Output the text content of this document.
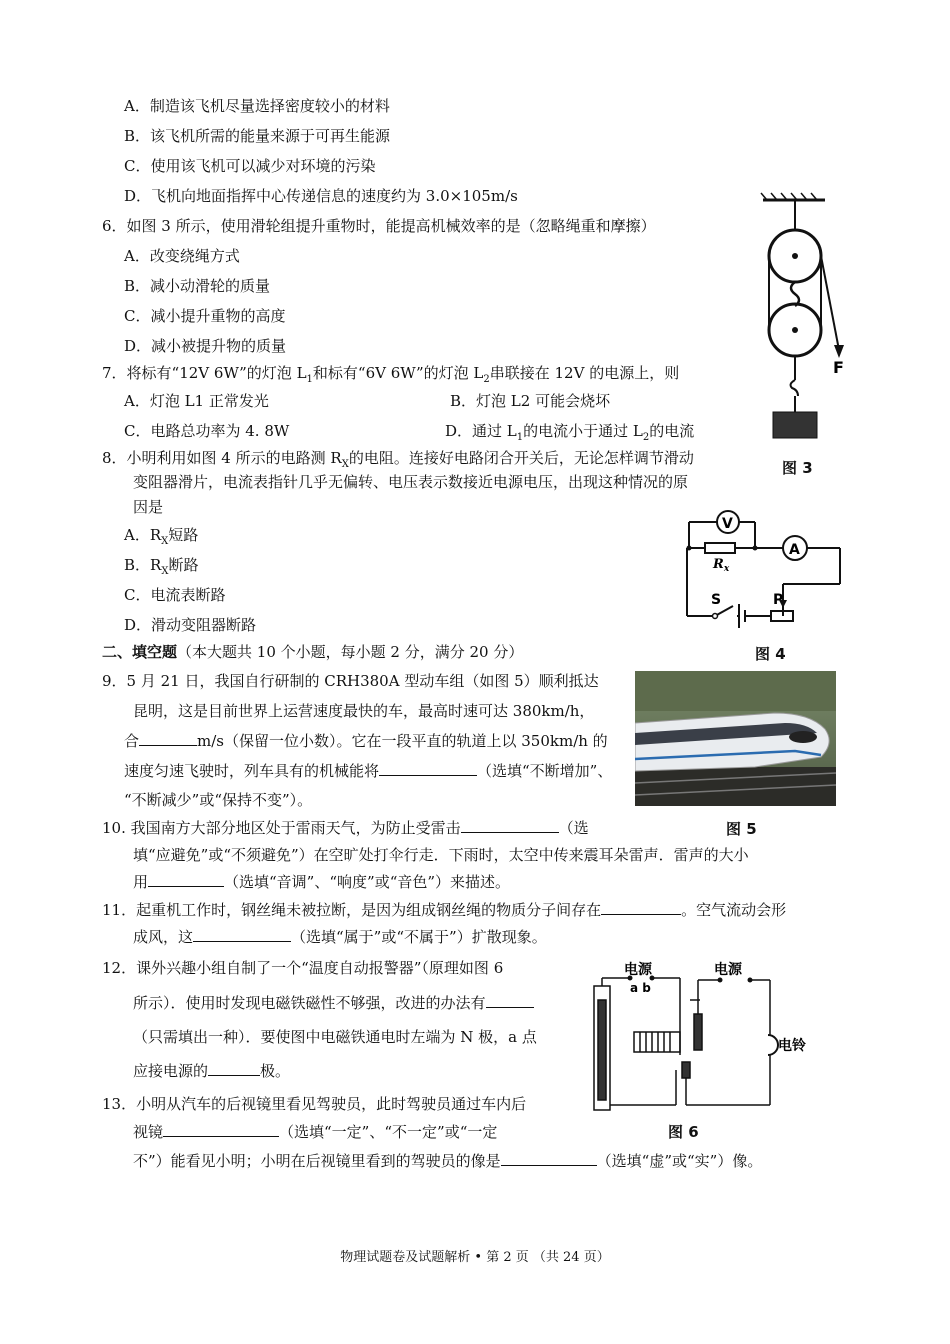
A．制造该飞机尽量选择密度较小的材料
B．该飞机所需的能量来源于可再生能源
C．使用该飞机可以减少对环境的污染
D．飞机向地面指挥中心传递信息的速度约为 3.0×105m/s
6．如图 3 所示，使用滑轮组提升重物时，能提高机械效率的是（忽略绳重和摩擦）
A．改变绕绳方式
B．减小动滑轮的质量
C．减小提升重物的高度
D．减小被提升物的质量
7．将标有“12V 6W”的灯泡 $L_1$和标有“6V 6W”的灯泡 $L_2$串联接在 12V 的电源上，则
A．灯泡 L1 正常发光	B．灯泡 L2 可能会烧坏
C．电路总功率为 4. 8W	D．通过 $L_1$的电流小于通过 $L_2$的电流
8．小明利用如图 4 所示的电路测 $R_X$的电阻。连接好电路闭合开关后，无论怎样调节滑动
变阻器滑片，电流表指针几乎无偏转、电压表示数接近电源电压，出现这种情况的原
因是
A．$R_X$短路
B．$R_X$断路
C．电流表断路
D．滑动变阻器断路
二、填空题（本大题共 10 个小题，每小题 2 分，满分 20 分）
9．5 月 21 日，我国自行研制的 CRH380A 型动车组（如图 5）顺利抵达
昆明，这是目前世界上运营速度最快的车，最高时速可达 380km/h，
合	m/s（保留一位小数）。它在一段平直的轨道上以 350km/h 的
速度匀速飞驶时，列车具有的机械能将	（选填“不断增加”、
“不断减少”或“保持不变”）。
10. 我国南方大部分地区处于雷雨天气，为防止受雷击	（选
填“应避免”或“不须避免”）在空旷处打伞行走．下雨时，太空中传来震耳朵雷声．雷声的大小
用	（选填“音调”、“响度”或“音色”）来描述。
11．起重机工作时，钢丝绳未被拉断，是因为组成钢丝绳的物质分子间存在	。空气流动会形
成风，这	（选填“属于”或“不属于”）扩散现象。
12．课外兴趣小组自制了一个“温度自动报警器”（原理如图 6
所示）．使用时发现电磁铁磁性不够强，改进的办法有
（只需填出一种）．要使图中电磁铁通电时左端为 N 极，a 点
应接电源的	极。
13．小明从汽车的后视镜里看见驾驶员，此时驾驶员通过车内后
视镜	（选填“一定”、“不一定”或“一定
不”）能看见小明；小明在后视镜里看到的驾驶员的像是	（选填“虚”或“实”）像。
F
图 3
V
A
$R_x$
S	P
图 4
图 5
电源
a b
电源
电铃
图 6
物理试题卷及试题解析 • 第 2 页 （共 24 页）
